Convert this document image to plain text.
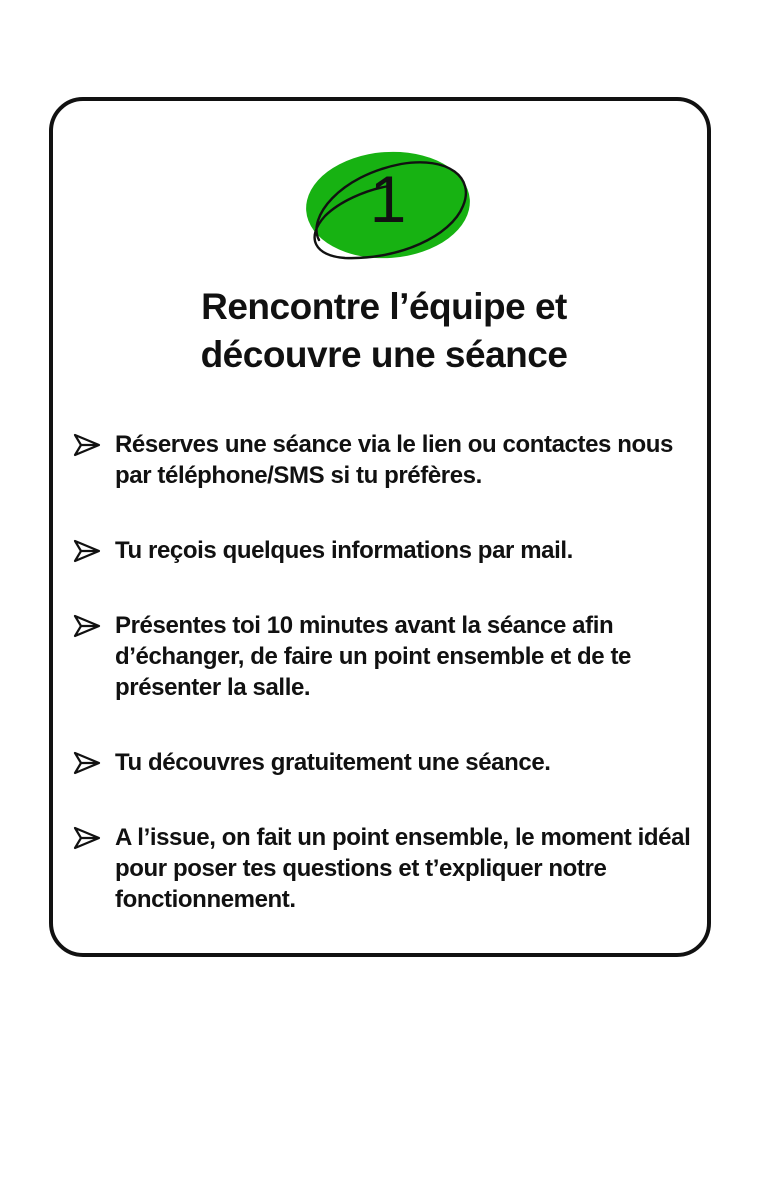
1
Rencontre l’équipe et
découvre une séance
Réserves une séance via le lien ou contactes nous par téléphone/SMS si tu préfères.
Tu reçois quelques informations par mail.
Présentes toi 10 minutes avant la séance afin d’échanger, de faire un point ensemble et de te présenter la salle.
Tu découvres gratuitement une séance.
A l’issue, on fait un point ensemble, le moment idéal pour poser tes questions et t’expliquer notre fonctionnement.
